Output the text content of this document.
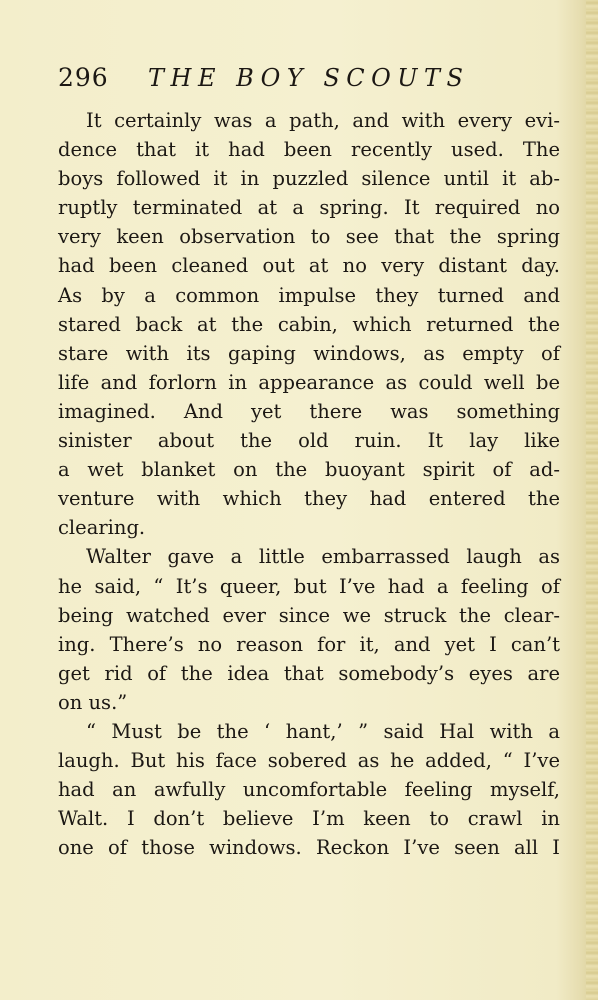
296 THE BOY SCOUTS
It certainly was a path, and with every evi-
dence that it had been recently used. The
boys followed it in puzzled silence until it ab-
ruptly terminated at a spring. It required no
very keen observation to see that the spring
had been cleaned out at no very distant day.
As by a common impulse they turned and
stared back at the cabin, which returned the
stare with its gaping windows, as empty of
life and forlorn in appearance as could well be
imagined. And yet there was something
sinister about the old ruin. It lay like
a wet blanket on the buoyant spirit of ad-
venture with which they had entered the
clearing.
Walter gave a little embarrassed laugh as
he said, “ It’s queer, but I’ve had a feeling of
being watched ever since we struck the clear-
ing. There’s no reason for it, and yet I can’t
get rid of the idea that somebody’s eyes are
on us.”
“ Must be the ‘ hant,’ ” said Hal with a
laugh. But his face sobered as he added, “ I’ve
had an awfully uncomfortable feeling myself,
Walt. I don’t believe I’m keen to crawl in
one of those windows. Reckon I’ve seen all I
